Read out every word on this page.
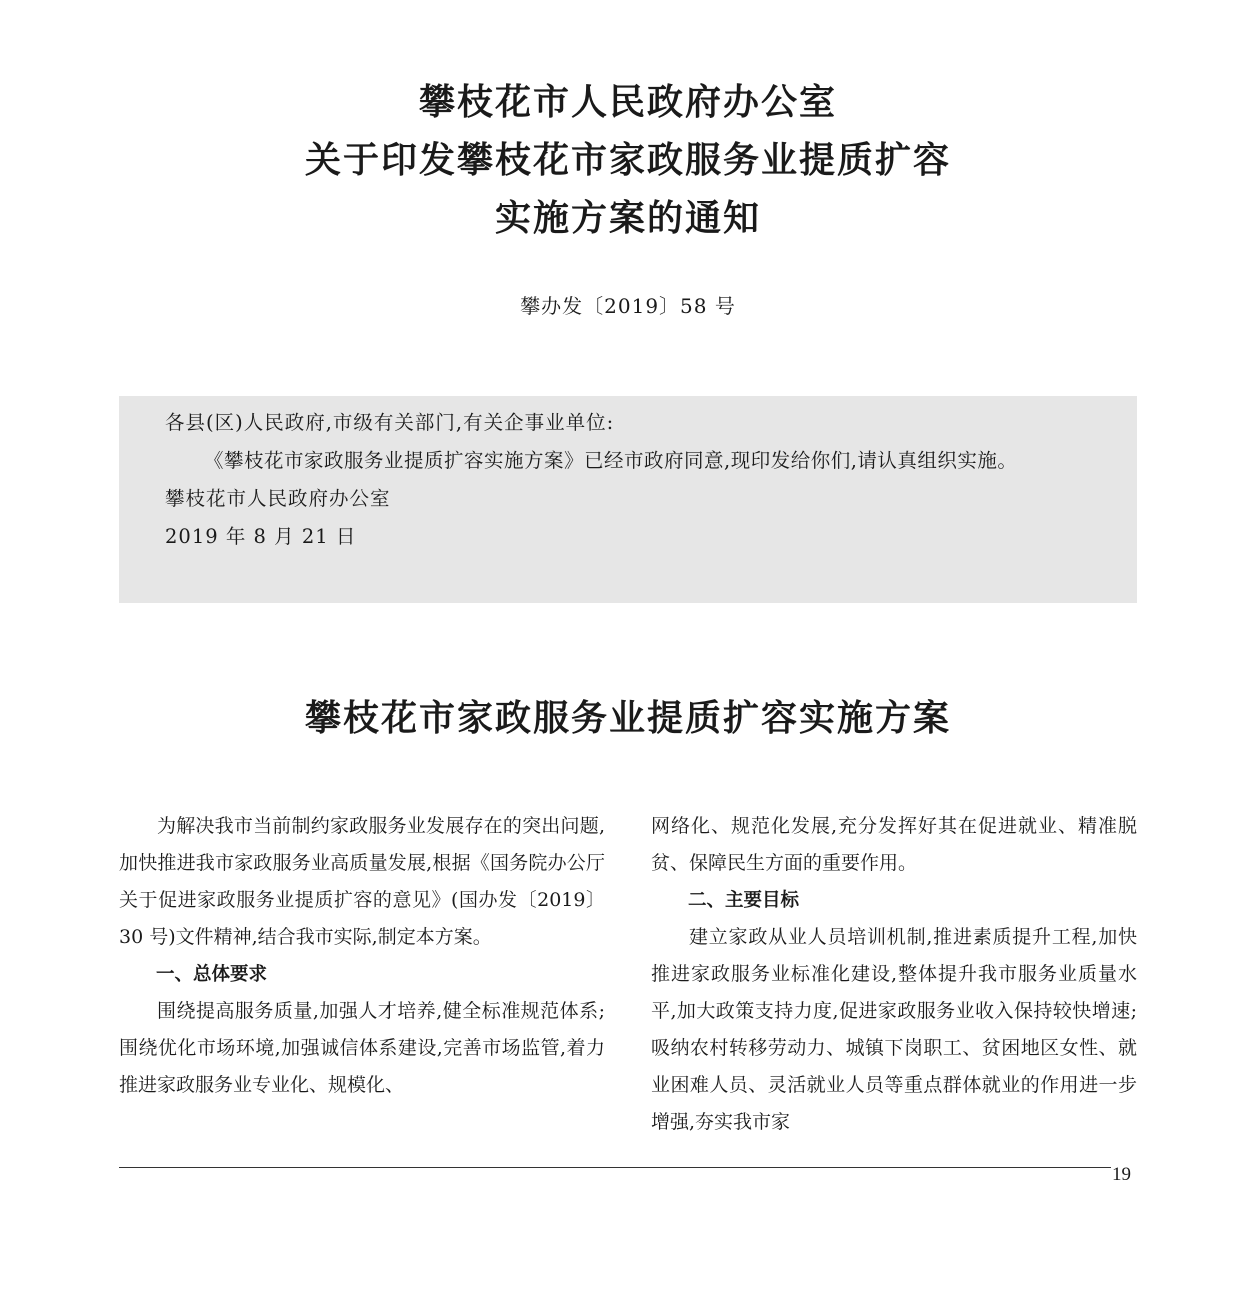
攀枝花市人民政府办公室
关于印发攀枝花市家政服务业提质扩容
实施方案的通知
攀办发〔2019〕58 号

各县(区)人民政府,市级有关部门,有关企事业单位:

《攀枝花市家政服务业提质扩容实施方案》已经市政府同意,现印发给你们,请认真组织实施。

攀枝花市人民政府办公室

2019 年 8 月 21 日

攀枝花市家政服务业提质扩容实施方案

为解决我市当前制约家政服务业发展存在的突出问题,加快推进我市家政服务业高质量发展,根据《国务院办公厅关于促进家政服务业提质扩容的意见》(国办发〔2019〕30 号)文件精神,结合我市实际,制定本方案。

一、总体要求

围绕提高服务质量,加强人才培养,健全标准规范体系;围绕优化市场环境,加强诚信体系建设,完善市场监管,着力推进家政服务业专业化、规模化、

网络化、规范化发展,充分发挥好其在促进就业、精准脱贫、保障民生方面的重要作用。

二、主要目标

建立家政从业人员培训机制,推进素质提升工程,加快推进家政服务业标准化建设,整体提升我市服务业质量水平,加大政策支持力度,促进家政服务业收入保持较快增速;吸纳农村转移劳动力、城镇下岗职工、贫困地区女性、就业困难人员、灵活就业人员等重点群体就业的作用进一步增强,夯实我市家

19
